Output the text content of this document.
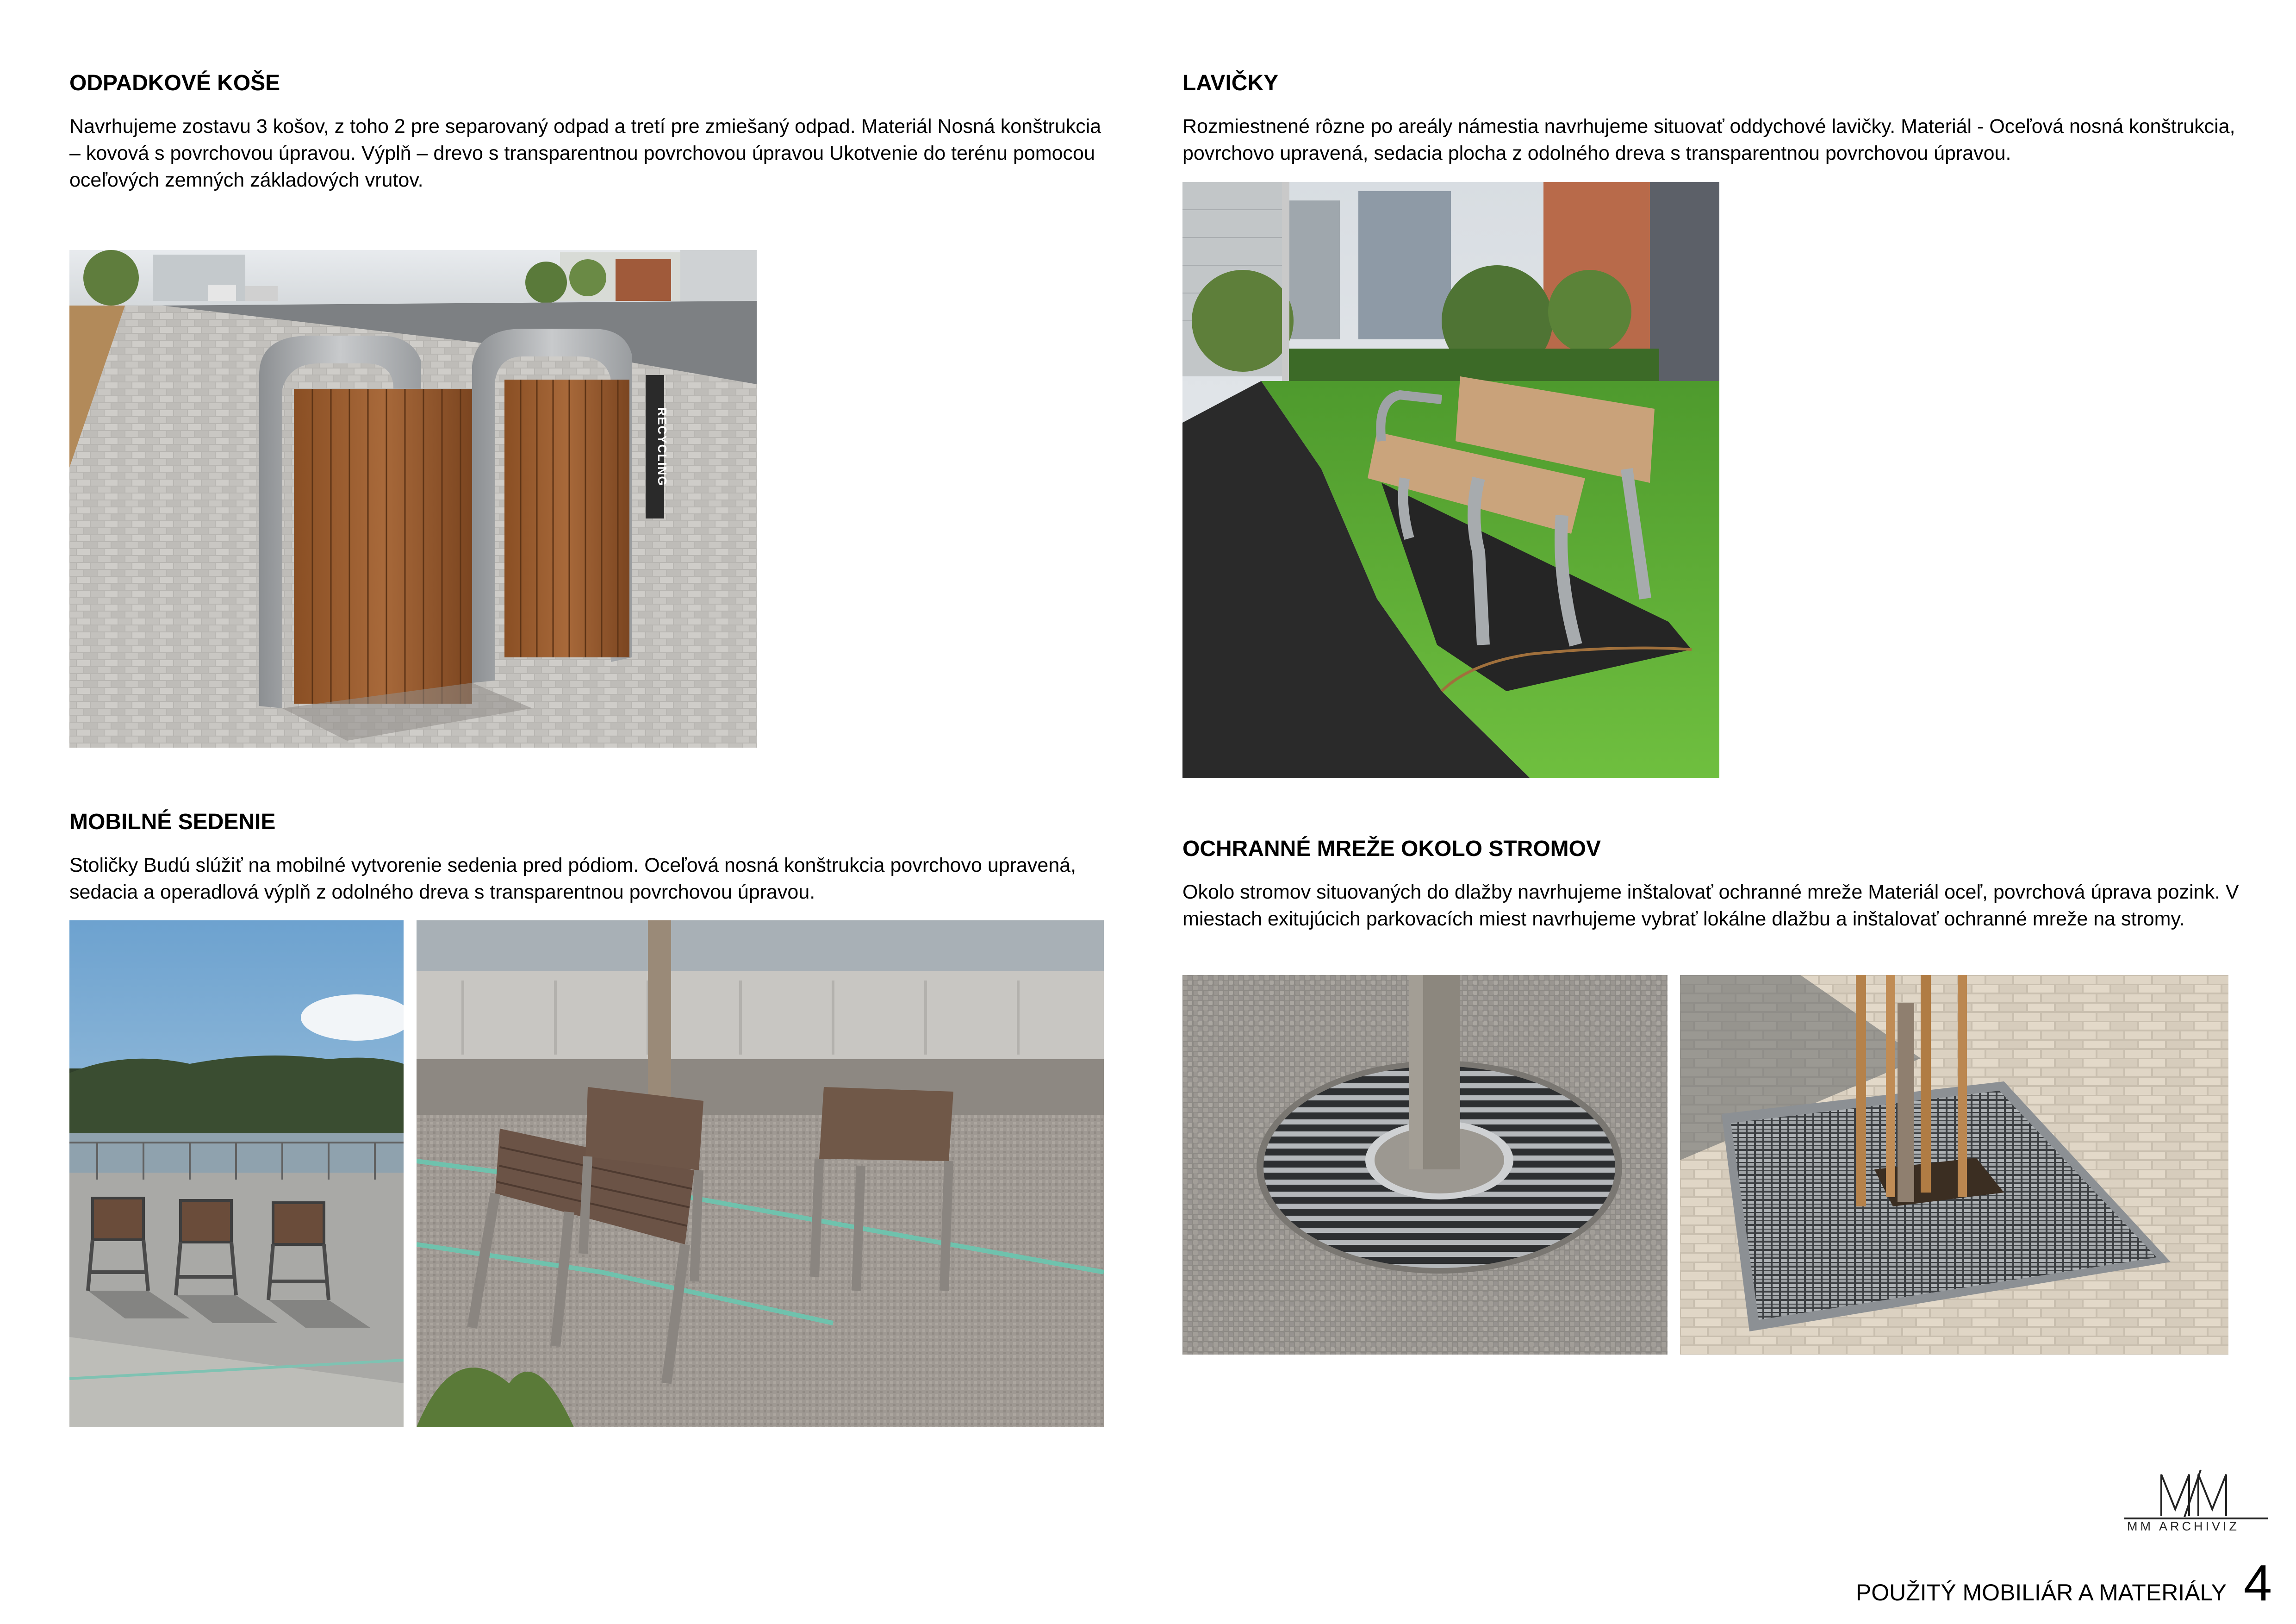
ODPADKOVÉ KOŠE

Navrhujeme zostavu 3 košov, z toho 2 pre separovaný odpad a tretí pre zmiešaný odpad. Materiál Nosná konštrukcia – kovová s povrchovou úpravou. Výplň – drevo s transparentnou povrchovou úpravou Ukotvenie do terénu pomocou oceľových zemných základových vrutov.

RECYCLING
LAVIČKY

Rozmiestnené rôzne po areály námestia navrhujeme situovať oddychové lavičky. Materiál - Oceľová nosná konštrukcia, povrchovo upravená, sedacia plocha z odolného dreva s transparentnou povrchovou úpravou.

MOBILNÉ SEDENIE

Stoličky Budú slúžiť na mobilné vytvorenie sedenia pred pódiom. Oceľová nosná konštrukcia povrchovo upravená, sedacia a operadlová výplň z odolného dreva s transparentnou povrchovou úpravou.

OCHRANNÉ MREŽE OKOLO STROMOV

Okolo stromov situovaných do dlažby navrhujeme inštalovať ochranné mreže Materiál oceľ, povrchová úprava pozink. V miestach exitujúcich parkovacích miest navrhujeme vybrať lokálne dlažbu a inštalovať ochranné mreže na stromy.

MM ARCHIVIZ
POUŽITÝ MOBILIÁR A MATERIÁLY 4
